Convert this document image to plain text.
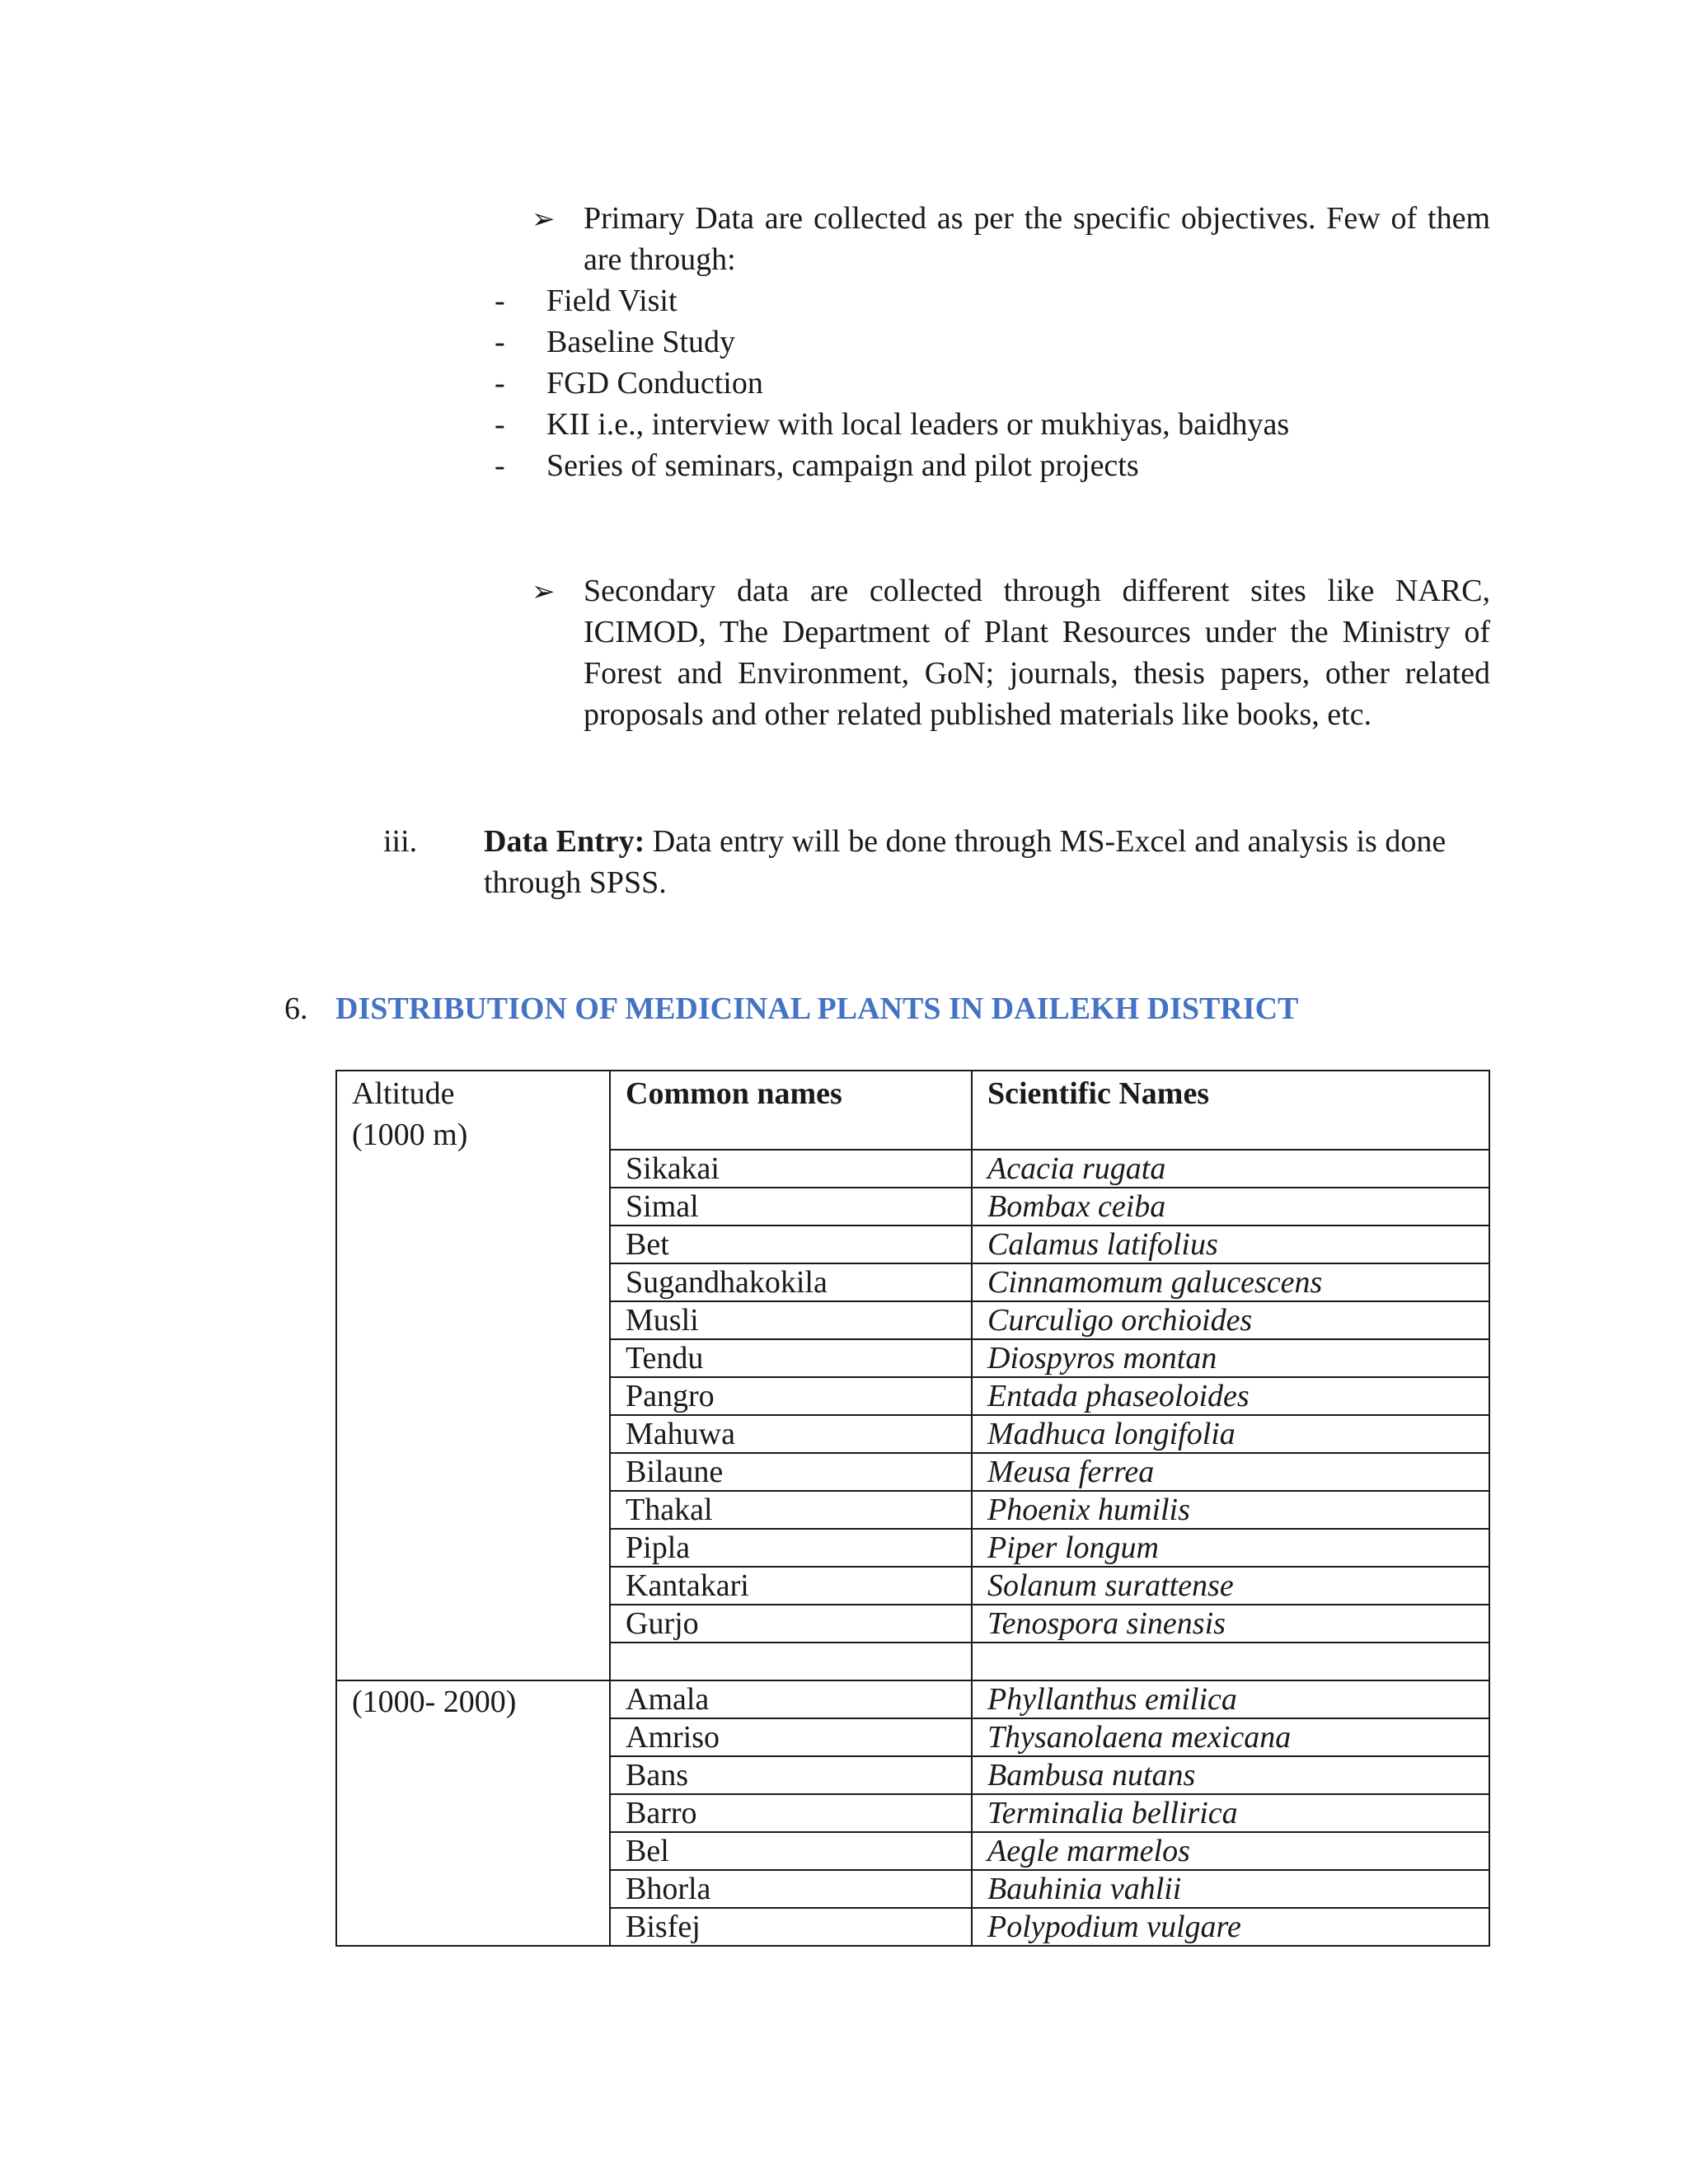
➢ Primary Data are collected as per the specific objectives. Few of them are through:
- Field Visit
- Baseline Study
- FGD Conduction
- KII i.e., interview with local leaders or mukhiyas, baidhyas
- Series of seminars, campaign and pilot projects
➢ Secondary data are collected through different sites like NARC, ICIMOD, The Department of Plant Resources under the Ministry of Forest and Environment, GoN; journals, thesis papers, other related proposals and other related published materials like books, etc.
iii. Data Entry: Data entry will be done through MS-Excel and analysis is done through SPSS.
6. DISTRIBUTION OF MEDICINAL PLANTS IN DAILEKH DISTRICT
Altitude (1000 m)	Common names	Scientific Names
	Sikakai	Acacia rugata
	Simal	Bombax ceiba
	Bet	Calamus latifolius
	Sugandhakokila	Cinnamomum galucescens
	Musli	Curculigo orchioides
	Tendu	Diospyros montan
	Pangro	Entada phaseoloides
	Mahuwa	Madhuca longifolia
	Bilaune	Meusa ferrea
	Thakal	Phoenix humilis
	Pipla	Piper longum
	Kantakari	Solanum surattense
	Gurjo	Tenospora sinensis

(1000- 2000)	Amala	Phyllanthus emilica
	Amriso	Thysanolaena mexicana
	Bans	Bambusa nutans
	Barro	Terminalia bellirica
	Bel	Aegle marmelos
	Bhorla	Bauhinia vahlii
	Bisfej	Polypodium vulgare
